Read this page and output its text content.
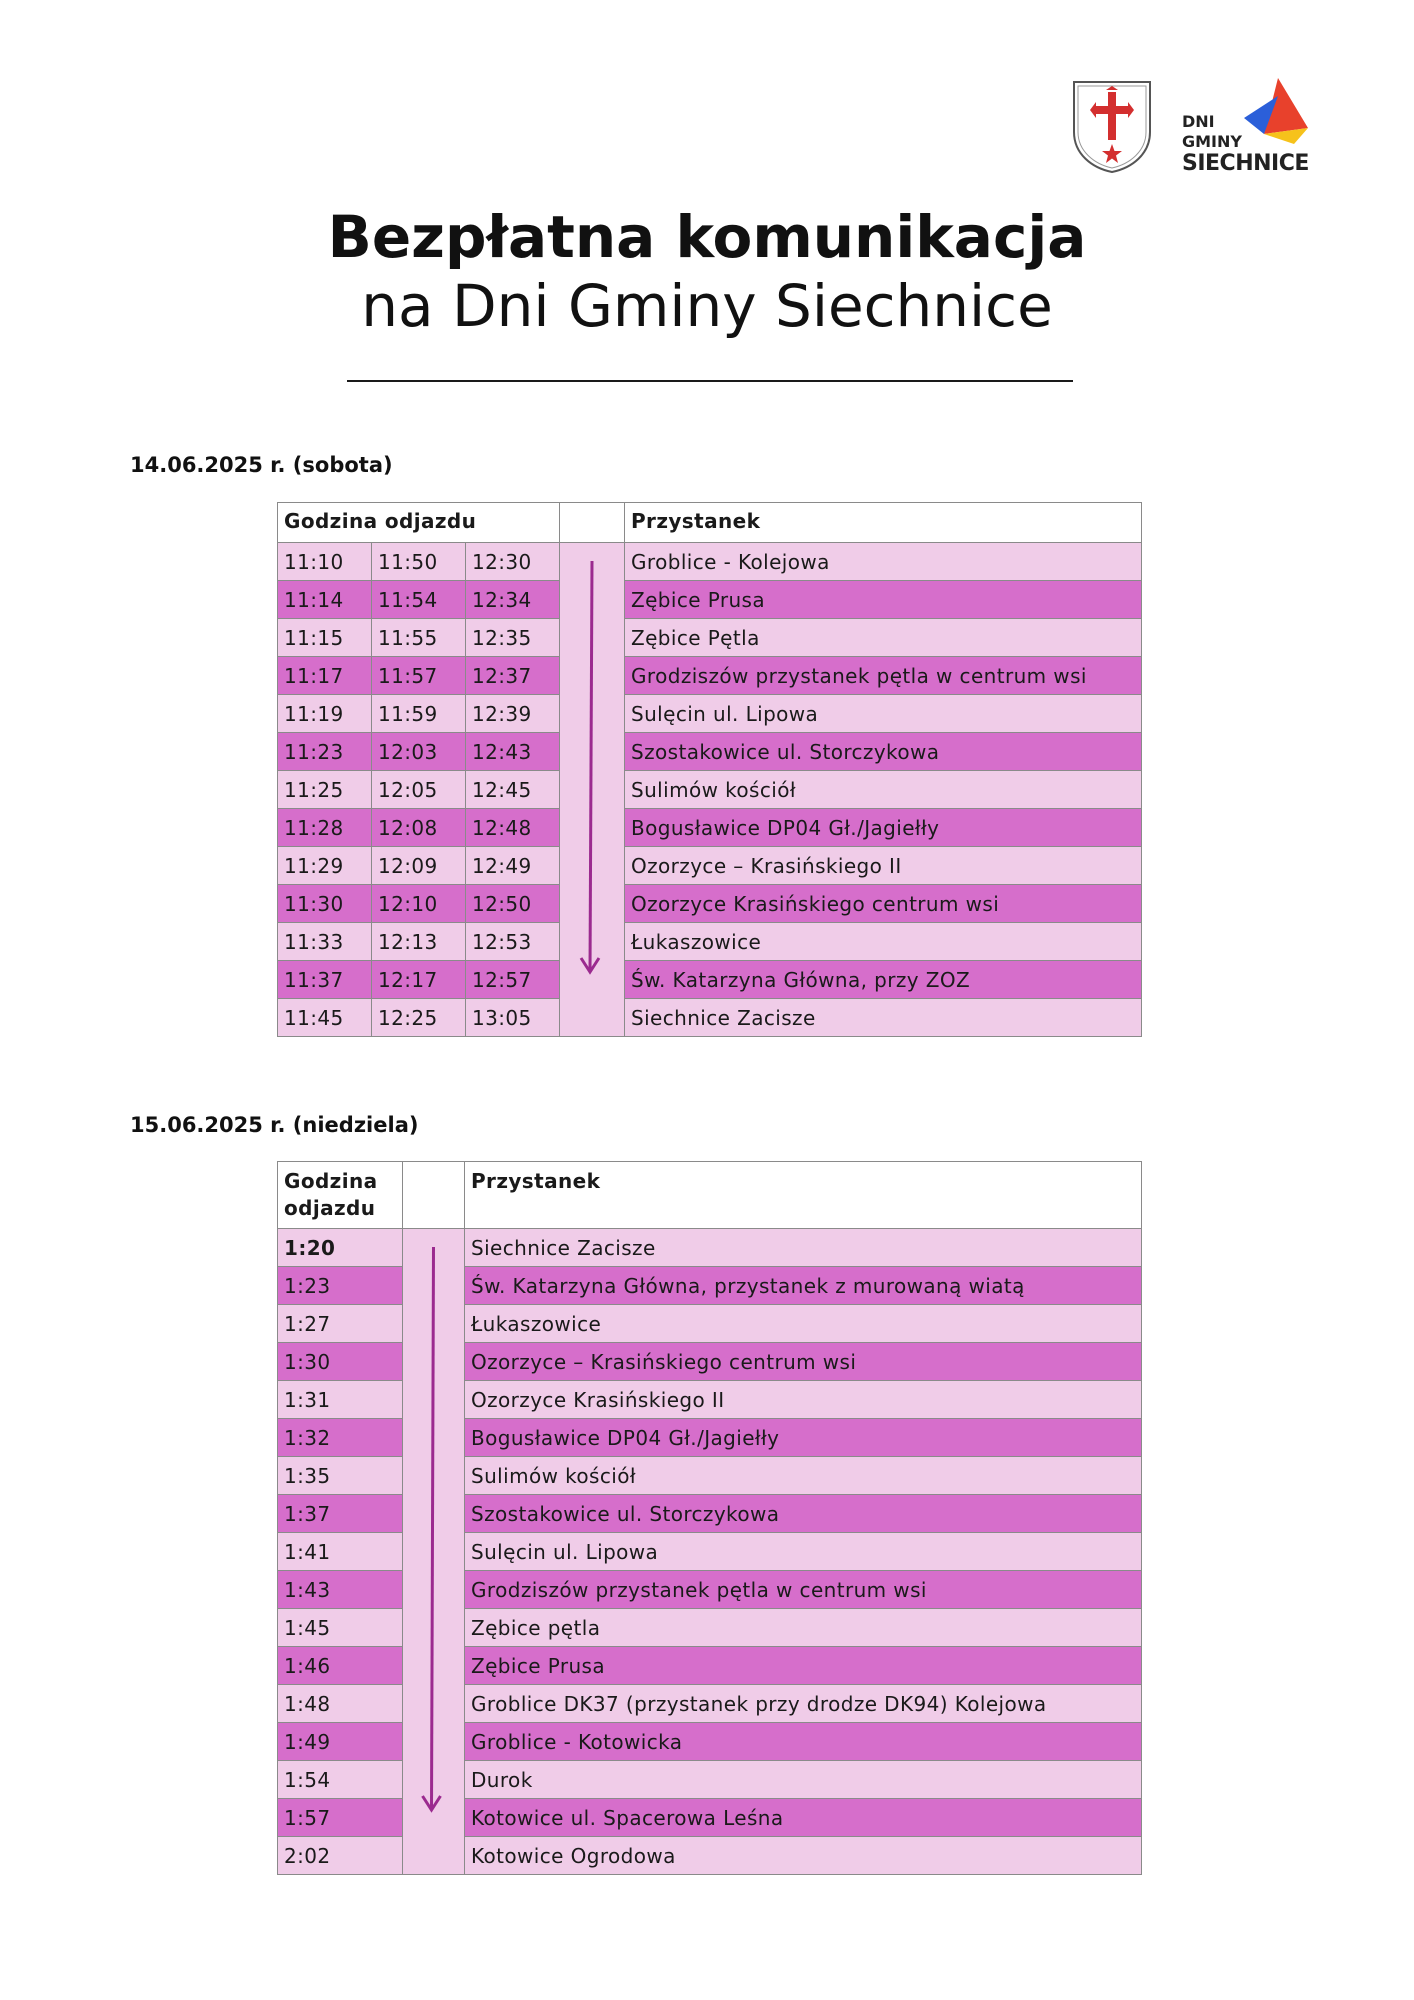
DNI
GMINY
SIECHNICE
Bezpłatna komunikacja
na Dni Gminy Siechnice
14.06.2025 r. (sobota)
Godzina odjazdu				Przystanek
11:10	11:50	12:30		Groblice - Kolejowa
11:14	11:54	12:34		Zębice Prusa
11:15	11:55	12:35		Zębice Pętla
11:17	11:57	12:37		Grodziszów przystanek pętla w centrum wsi
11:19	11:59	12:39		Sulęcin ul. Lipowa
11:23	12:03	12:43		Szostakowice ul. Storczykowa
11:25	12:05	12:45		Sulimów kościół
11:28	12:08	12:48		Bogusławice DP04 Gł./Jagiełły
11:29	12:09	12:49		Ozorzyce – Krasińskiego II
11:30	12:10	12:50		Ozorzyce Krasińskiego centrum wsi
11:33	12:13	12:53		Łukaszowice
11:37	12:17	12:57		Św. Katarzyna Główna, przy ZOZ
11:45	12:25	13:05		Siechnice Zacisze
15.06.2025 r. (niedziela)
Godzina
odjazdu		Przystanek
1:20		Siechnice Zacisze
1:23		Św. Katarzyna Główna, przystanek z murowaną wiatą
1:27		Łukaszowice
1:30		Ozorzyce – Krasińskiego centrum wsi
1:31		Ozorzyce Krasińskiego II
1:32		Bogusławice DP04 Gł./Jagiełły
1:35		Sulimów kościół
1:37		Szostakowice ul. Storczykowa
1:41		Sulęcin ul. Lipowa
1:43		Grodziszów przystanek pętla w centrum wsi
1:45		Zębice pętla
1:46		Zębice Prusa
1:48		Groblice DK37 (przystanek przy drodze DK94) Kolejowa
1:49		Groblice - Kotowicka
1:54		Durok
1:57		Kotowice ul. Spacerowa Leśna
2:02		Kotowice Ogrodowa
